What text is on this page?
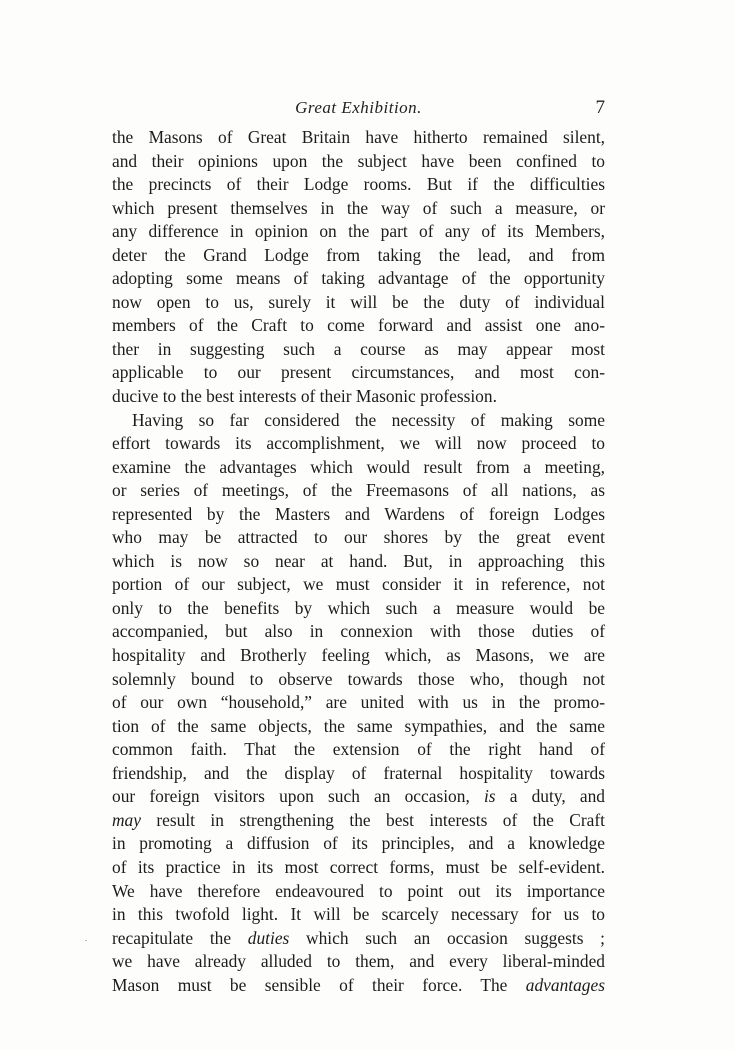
Great Exhibition.	7
the Masons of Great Britain have hitherto remained silent,
and their opinions upon the subject have been confined to
the precincts of their Lodge rooms. But if the difficulties
which present themselves in the way of such a measure, or
any difference in opinion on the part of any of its Members,
deter the Grand Lodge from taking the lead, and from
adopting some means of taking advantage of the opportunity
now open to us, surely it will be the duty of individual
members of the Craft to come forward and assist one ano-
ther in suggesting such a course as may appear most
applicable to our present circumstances, and most con-
ducive to the best interests of their Masonic profession.
Having so far considered the necessity of making some
effort towards its accomplishment, we will now proceed to
examine the advantages which would result from a meeting,
or series of meetings, of the Freemasons of all nations, as
represented by the Masters and Wardens of foreign Lodges
who may be attracted to our shores by the great event
which is now so near at hand. But, in approaching this
portion of our subject, we must consider it in reference, not
only to the benefits by which such a measure would be
accompanied, but also in connexion with those duties of
hospitality and Brotherly feeling which, as Masons, we are
solemnly bound to observe towards those who, though not
of our own “household,” are united with us in the promo-
tion of the same objects, the same sympathies, and the same
common faith. That the extension of the right hand of
friendship, and the display of fraternal hospitality towards
our foreign visitors upon such an occasion, is a duty, and
may result in strengthening the best interests of the Craft
in promoting a diffusion of its principles, and a knowledge
of its practice in its most correct forms, must be self-evident.
We have therefore endeavoured to point out its importance
in this twofold light. It will be scarcely necessary for us to
recapitulate the duties which such an occasion suggests ;
we have already alluded to them, and every liberal-minded
Mason must be sensible of their force. The advantages
